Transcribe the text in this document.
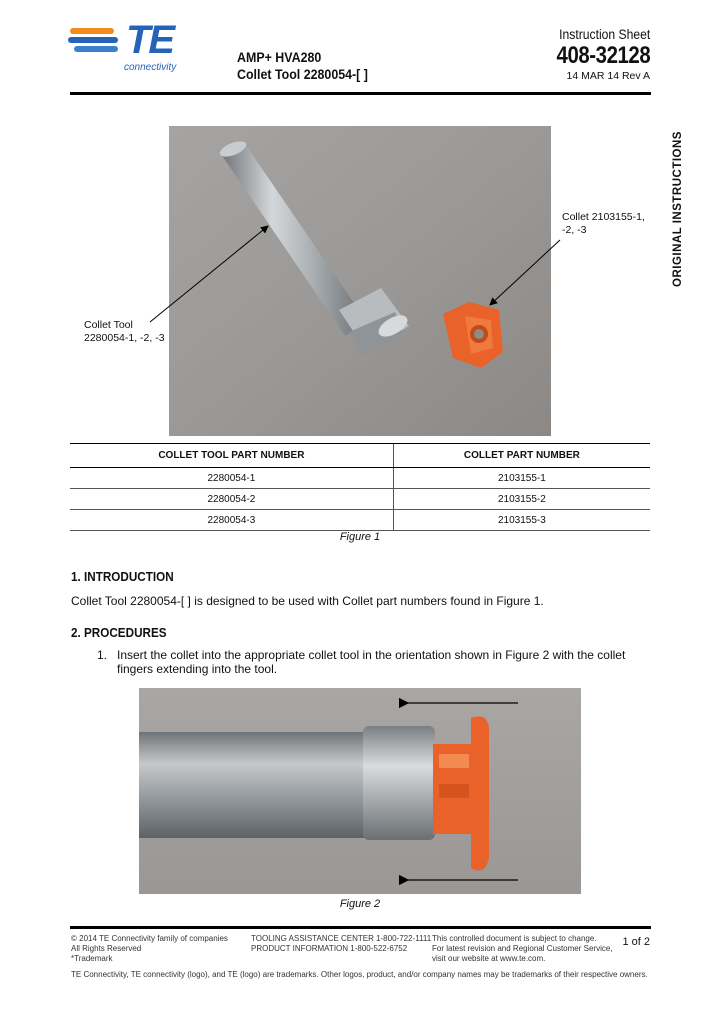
TE
connectivity
AMP+ HVA280
Collet Tool 2280054-[ ]
Instruction Sheet
408-32128
14 MAR 14 Rev A
ORIGINAL INSTRUCTIONS
Collet Tool
2280054-1, -2, -3
Collet 2103155-1,
-2, -3
COLLET TOOL PART NUMBER	COLLET PART NUMBER
2280054-1	2103155-1
2280054-2	2103155-2
2280054-3	2103155-3
Figure 1
1. INTRODUCTION
Collet Tool 2280054-[ ] is designed to be used with Collet part numbers found in Figure 1.
2. PROCEDURES
1. Insert the collet into the appropriate collet tool in the orientation shown in Figure 2 with the collet
fingers extending into the tool.
Figure 2
© 2014 TE Connectivity family of companies
All Rights Reserved
*Trademark
TOOLING ASSISTANCE CENTER 1-800-722-1111
PRODUCT INFORMATION 1-800-522-6752
This controlled document is subject to change.
For latest revision and Regional Customer Service,
visit our website at www.te.com.
1 of 2
TE Connectivity, TE connectivity (logo), and TE (logo) are trademarks. Other logos, product, and/or company names may be trademarks of their respective owners.
